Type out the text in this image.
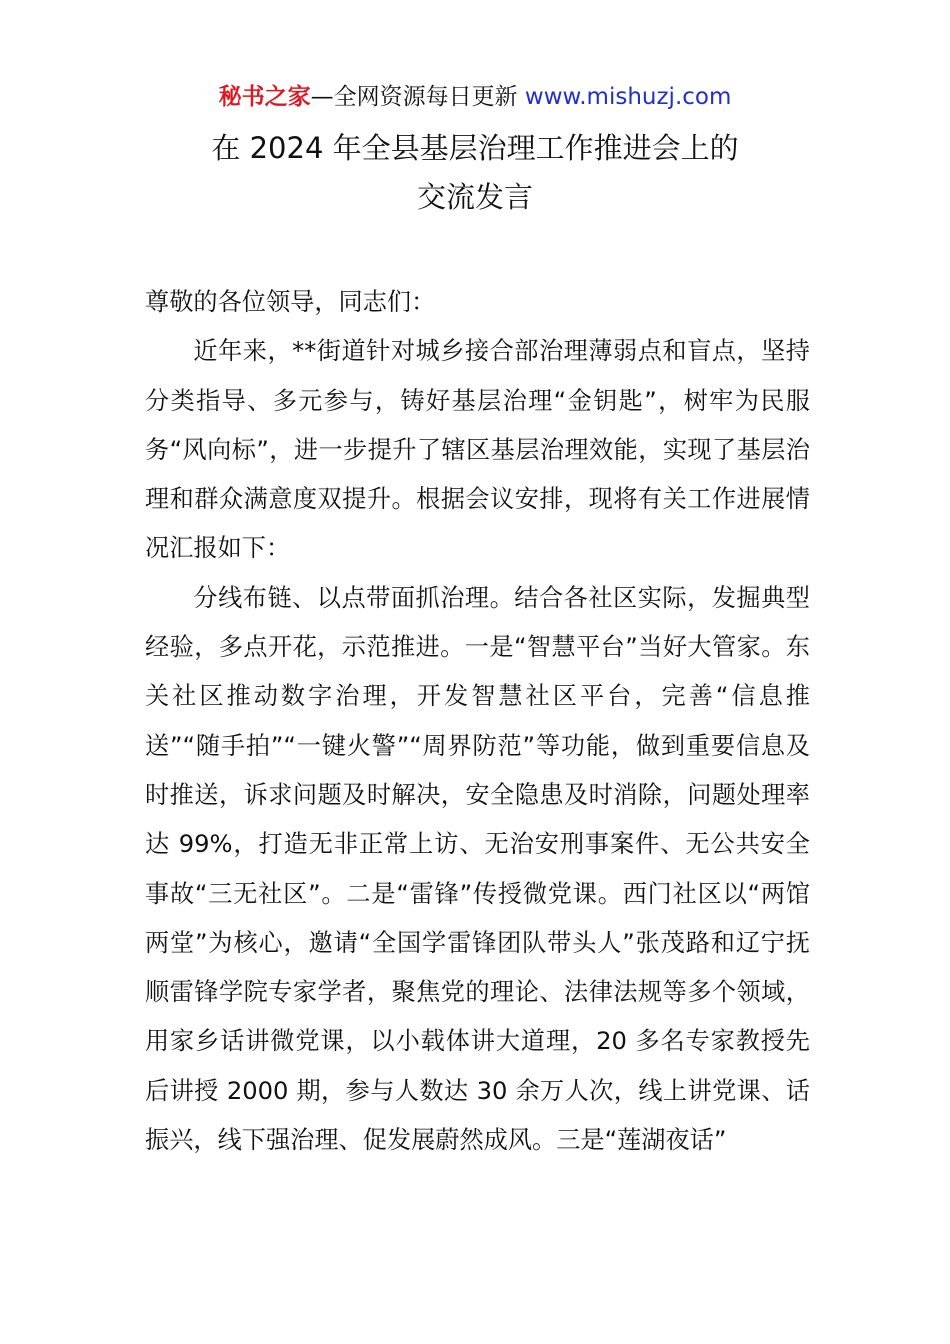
秘书之家—全网资源每日更新 www.mishuzj.com
在 2024 年全县基层治理工作推进会上的
交流发言

尊敬的各位领导，同志们：

近年来，**街道针对城乡接合部治理薄弱点和盲点，坚持分类指导、多元参与，铸好基层治理“金钥匙”，树牢为民服务“风向标”，进一步提升了辖区基层治理效能，实现了基层治理和群众满意度双提升。根据会议安排，现将有关工作进展情况汇报如下：

分线布链、以点带面抓治理。结合各社区实际，发掘典型经验，多点开花，示范推进。一是“智慧平台”当好大管家。东关社区推动数字治理，开发智慧社区平台，完善“信息推送”“随手拍”“一键火警”“周界防范”等功能，做到重要信息及时推送，诉求问题及时解决，安全隐患及时消除，问题处理率达 99%，打造无非正常上访、无治安刑事案件、无公共安全事故“三无社区”。二是“雷锋”传授微党课。西门社区以“两馆两堂”为核心，邀请“全国学雷锋团队带头人”张茂路和辽宁抚顺雷锋学院专家学者，聚焦党的理论、法律法规等多个领域，用家乡话讲微党课，以小载体讲大道理，20 多名专家教授先后讲授 2000 期，参与人数达 30 余万人次，线上讲党课、话振兴，线下强治理、促发展蔚然成风。三是“莲湖夜话”
